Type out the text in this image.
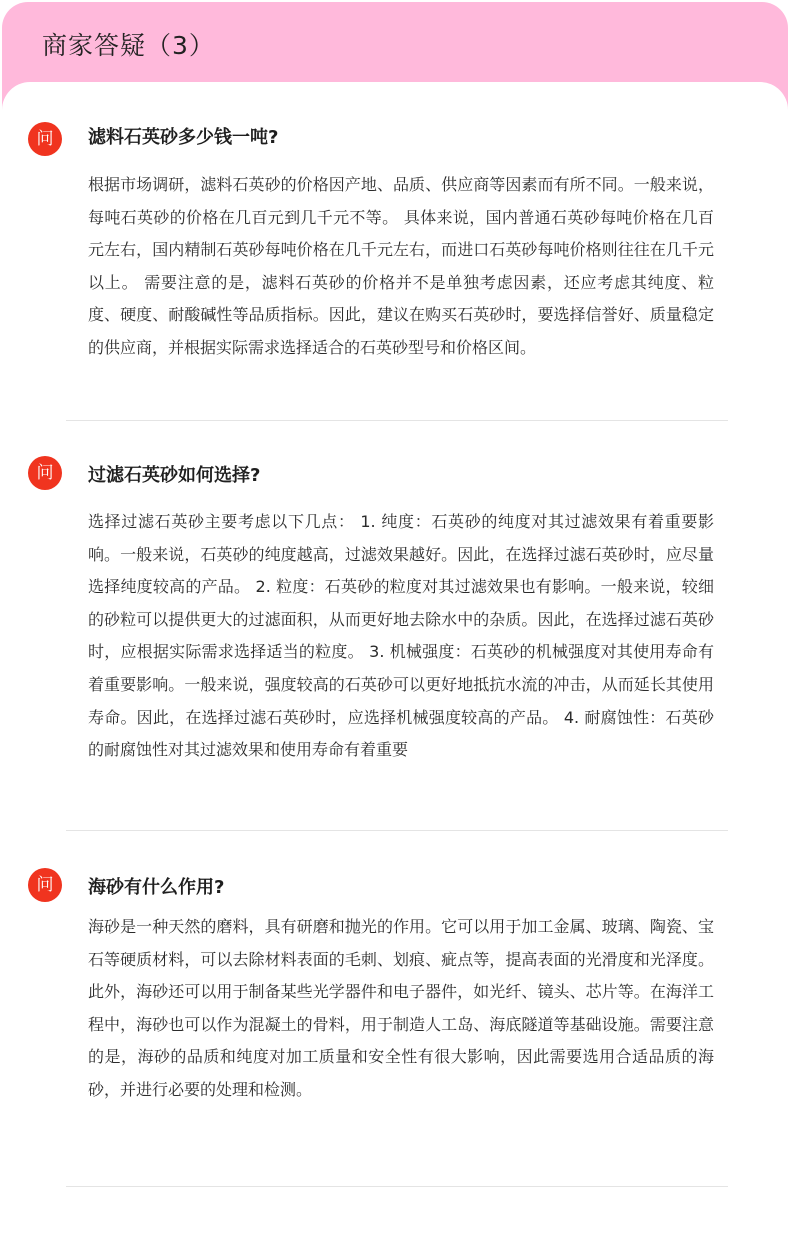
商家答疑（3）
问	滤料石英砂多少钱一吨?

根据市场调研，滤料石英砂的价格因产地、品质、供应商等因素而有所不同。一般来说，每吨石英砂的价格在几百元到几千元不等。 具体来说，国内普通石英砂每吨价格在几百元左右，国内精制石英砂每吨价格在几千元左右，而进口石英砂每吨价格则往往在几千元以上。 需要注意的是，滤料石英砂的价格并不是单独考虑因素，还应考虑其纯度、粒度、硬度、耐酸碱性等品质指标。因此，建议在购买石英砂时，要选择信誉好、质量稳定的供应商，并根据实际需求选择适合的石英砂型号和价格区间。

问	过滤石英砂如何选择?

选择过滤石英砂主要考虑以下几点： 1. 纯度：石英砂的纯度对其过滤效果有着重要影响。一般来说，石英砂的纯度越高，过滤效果越好。因此，在选择过滤石英砂时，应尽量选择纯度较高的产品。 2. 粒度：石英砂的粒度对其过滤效果也有影响。一般来说，较细的砂粒可以提供更大的过滤面积，从而更好地去除水中的杂质。因此，在选择过滤石英砂时，应根据实际需求选择适当的粒度。 3. 机械强度：石英砂的机械强度对其使用寿命有着重要影响。一般来说，强度较高的石英砂可以更好地抵抗水流的冲击，从而延长其使用寿命。因此，在选择过滤石英砂时，应选择机械强度较高的产品。 4. 耐腐蚀性：石英砂的耐腐蚀性对其过滤效果和使用寿命有着重要

问	海砂有什么作用?

海砂是一种天然的磨料，具有研磨和抛光的作用。它可以用于加工金属、玻璃、陶瓷、宝石等硬质材料，可以去除材料表面的毛刺、划痕、疵点等，提高表面的光滑度和光泽度。此外，海砂还可以用于制备某些光学器件和电子器件，如光纤、镜头、芯片等。在海洋工程中，海砂也可以作为混凝土的骨料，用于制造人工岛、海底隧道等基础设施。需要注意的是，海砂的品质和纯度对加工质量和安全性有很大影响，因此需要选用合适品质的海砂，并进行必要的处理和检测。
